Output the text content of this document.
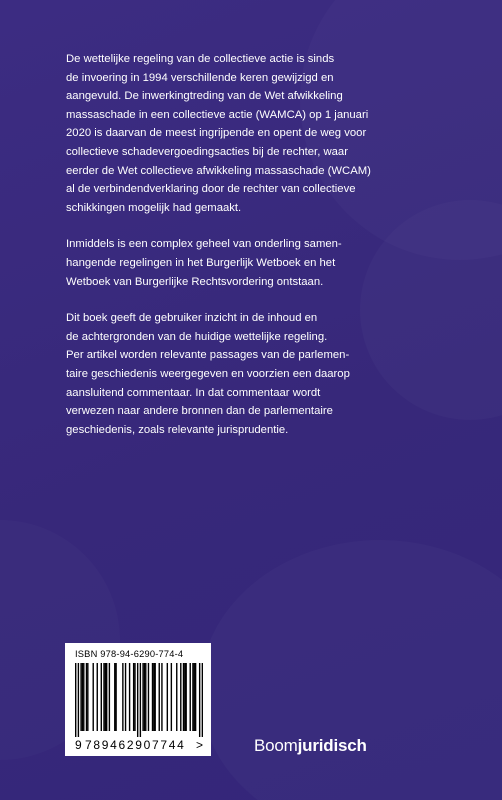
De wettelijke regeling van de collectieve actie is sinds
de invoering in 1994 verschillende keren gewijzigd en
aangevuld. De inwerkingtreding van de Wet afwikkeling
massaschade in een collectieve actie (WAMCA) op 1 januari
2020 is daarvan de meest ingrijpende en opent de weg voor
collectieve schadevergoedingsacties bij de rechter, waar
eerder de Wet collectieve afwikkeling massaschade (WCAM)
al de verbindendverklaring door de rechter van collectieve
schikkingen mogelijk had gemaakt.

Inmiddels is een complex geheel van onderling samen-
hangende regelingen in het Burgerlijk Wetboek en het
Wetboek van Burgerlijke Rechtsvordering ontstaan.

Dit boek geeft de gebruiker inzicht in de inhoud en
de achtergronden van de huidige wettelijke regeling.
Per artikel worden relevante passages van de parlemen-
taire geschiedenis weergegeven en voorzien een daarop
aansluitend commentaar. In dat commentaar wordt
verwezen naar andere bronnen dan de parlementaire
geschiedenis, zoals relevante jurisprudentie.

ISBN 978-94-6290-774-4
9 789462907744 >	Boomjuridisch
